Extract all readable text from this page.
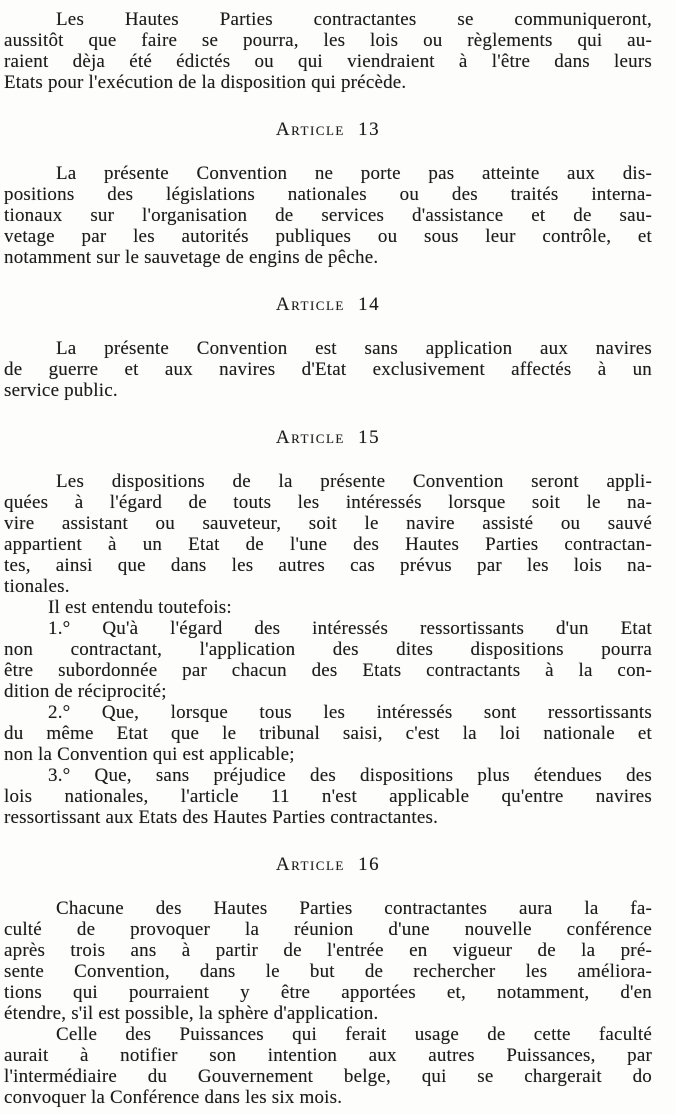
Les Hautes Parties contractantes se communiqueront,
aussitôt que faire se pourra, les lois ou règlements qui au-
raient dèja été édictés ou qui viendraient à l'être dans leurs
Etats pour l'exécution de la disposition qui précède.
Article 13
La présente Convention ne porte pas atteinte aux dis-
positions des législations nationales ou des traités interna-
tionaux sur l'organisation de services d'assistance et de sau-
vetage par les autorités publiques ou sous leur contrôle, et
notamment sur le sauvetage de engins de pêche.
Article 14
La présente Convention est sans application aux navires
de guerre et aux navires d'Etat exclusivement affectés à un
service public.
Article 15
Les dispositions de la présente Convention seront appli-
quées à l'égard de touts les intéressés lorsque soit le na-
vire assistant ou sauveteur, soit le navire assisté ou sauvé
appartient à un Etat de l'une des Hautes Parties contractan-
tes, ainsi que dans les autres cas prévus par les lois na-
tionales.
Il est entendu toutefois:
1.° Qu'à l'égard des intéressés ressortissants d'un Etat
non contractant, l'application des dites dispositions pourra
être subordonnée par chacun des Etats contractants à la con-
dition de réciprocité;
2.° Que, lorsque tous les intéressés sont ressortissants
du même Etat que le tribunal saisi, c'est la loi nationale et
non la Convention qui est applicable;
3.° Que, sans préjudice des dispositions plus étendues des
lois nationales, l'article 11 n'est applicable qu'entre navires
ressortissant aux Etats des Hautes Parties contractantes.
Article 16
Chacune des Hautes Parties contractantes aura la fa-
culté de provoquer la réunion d'une nouvelle conférence
après trois ans à partir de l'entrée en vigueur de la pré-
sente Convention, dans le but de rechercher les améliora-
tions qui pourraient y être apportées et, notamment, d'en
étendre, s'il est possible, la sphère d'application.
Celle des Puissances qui ferait usage de cette faculté
aurait à notifier son intention aux autres Puissances, par
l'intermédiaire du Gouvernement belge, qui se chargerait do
convoquer la Conférence dans les six mois.
